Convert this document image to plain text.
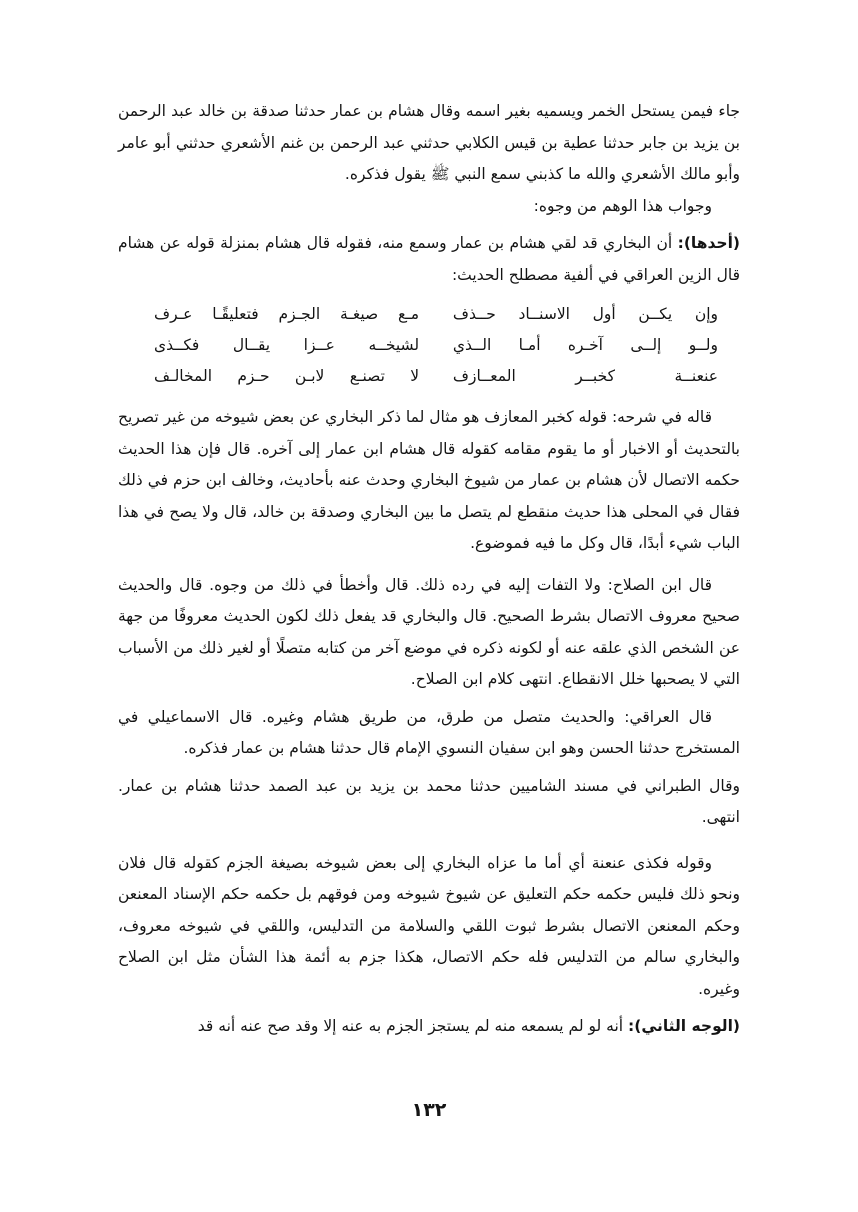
جاء فيمن يستحل الخمر ويسميه بغير اسمه وقال هشام بن عمار حدثنا صدقة بن خالد عبد الرحمن بن يزيد بن جابر حدثنا عطية بن قيس الكلابي حدثني عبد الرحمن بن غنم الأشعري حدثني أبو عامر وأبو مالك الأشعري والله ما كذبني سمع النبي ﷺ يقول فذكره.

وجواب هذا الوهم من وجوه:

(أحدها): أن البخاري قد لقي هشام بن عمار وسمع منه، فقوله قال هشام بمنزلة قوله عن هشام قال الزين العراقي في ألفية مصطلح الحديث:

وإن يكــن أول الاسنــاد حــذف
مـع صيغـة الجـزم فتعليقًـا عـرف
ولــو إلــى آخـره أمـا الــذي
لشيخــه عــزا يقــال فكــذى
عنعنــة كخبــر المعــازف
لا تصنـع لابـن حـزم المخالـف

قاله في شرحه: قوله كخبر المعازف هو مثال لما ذكر البخاري عن بعض شيوخه من غير تصريح بالتحديث أو الاخبار أو ما يقوم مقامه كقوله قال هشام ابن عمار إلى آخره. قال فإن هذا الحديث حكمه الاتصال لأن هشام بن عمار من شيوخ البخاري وحدث عنه بأحاديث، وخالف ابن حزم في ذلك فقال في المحلى هذا حديث منقطع لم يتصل ما بين البخاري وصدقة بن خالد، قال ولا يصح في هذا الباب شيء أبدًا، قال وكل ما فيه فموضوع.

قال ابن الصلاح: ولا التفات إليه في رده ذلك. قال وأخطأ في ذلك من وجوه. قال والحديث صحيح معروف الاتصال بشرط الصحيح. قال والبخاري قد يفعل ذلك لكون الحديث معروفًا من جهة عن الشخص الذي علقه عنه أو لكونه ذكره في موضع آخر من كتابه متصلًا أو لغير ذلك من الأسباب التي لا يصحبها خلل الانقطاع. انتهى كلام ابن الصلاح.

قال العراقي: والحديث متصل من طرق، من طريق هشام وغيره. قال الاسماعيلي في المستخرج حدثنا الحسن وهو ابن سفيان النسوي الإمام قال حدثنا هشام بن عمار فذكره.

وقال الطبراني في مسند الشاميين حدثنا محمد بن يزيد بن عبد الصمد حدثنا هشام بن عمار. انتهى.

وقوله فكذى عنعنة أي أما ما عزاه البخاري إلى بعض شيوخه بصيغة الجزم كقوله قال فلان ونحو ذلك فليس حكمه حكم التعليق عن شيوخ شيوخه ومن فوقهم بل حكمه حكم الإسناد المعنعن وحكم المعنعن الاتصال بشرط ثبوت اللقي والسلامة من التدليس، واللقي في شيوخه معروف، والبخاري سالم من التدليس فله حكم الاتصال، هكذا جزم به أئمة هذا الشأن مثل ابن الصلاح وغيره.

(الوجه الثاني): أنه لو لم يسمعه منه لم يستجز الجزم به عنه إلا وقد صح عنه أنه قد

١٣٢
